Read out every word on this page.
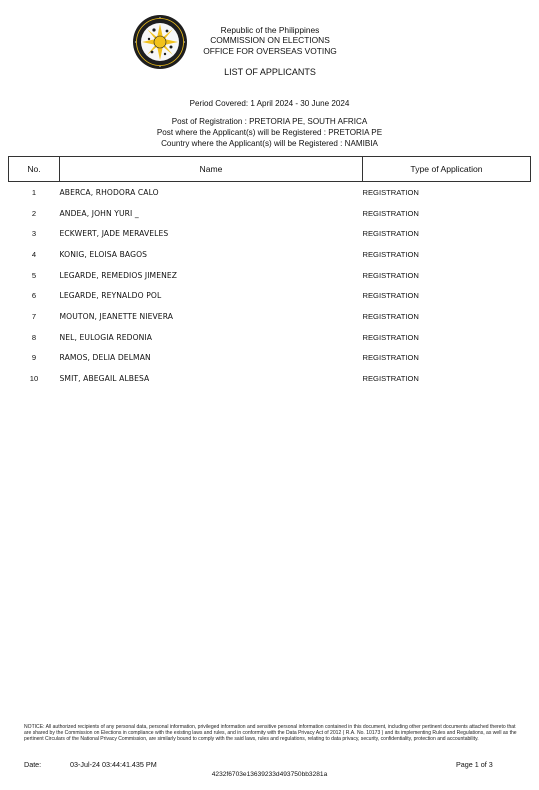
Republic of the Philippines
COMMISSION ON ELECTIONS
OFFICE FOR OVERSEAS VOTING
LIST OF APPLICANTS
Period Covered: 1 April 2024 - 30 June 2024
Post of Registration : PRETORIA PE, SOUTH AFRICA
Post where the Applicant(s) will be Registered : PRETORIA PE
Country where the Applicant(s) will be Registered : NAMIBIA
No.	Name	Type of Application
1	ABERCA, RHODORA CALO	REGISTRATION
2	ANDEA, JOHN YURI _	REGISTRATION
3	ECKWERT, JADE MERAVELES	REGISTRATION
4	KONIG, ELOISA BAGOS	REGISTRATION
5	LEGARDE, REMEDIOS JIMENEZ	REGISTRATION
6	LEGARDE, REYNALDO POL	REGISTRATION
7	MOUTON, JEANETTE NIEVERA	REGISTRATION
8	NEL, EULOGIA REDONIA	REGISTRATION
9	RAMOS, DELIA DELMAN	REGISTRATION
10	SMIT, ABEGAIL ALBESA	REGISTRATION
NOTICE: All authorized recipients of any personal data, personal information, privileged information and sensitive personal information contained in this document, including other pertinent documents attached thereto that are shared by the Commission on Elections in compliance with the existing laws and rules, and in conformity with the Data Privacy Act of 2012 ( R.A. No. 10173 ) and its implementing Rules and Regulations, as well as the pertinent Circulars of the National Privacy Commission, are similarly bound to comply with the said laws, rules and regulations, relating to data privacy, security, confidentiality, protection and accountability.
Date:	03-Jul-24 03:44:41.435 PM	Page 1 of 3
4232f6703e13639233d493750bb3281a
